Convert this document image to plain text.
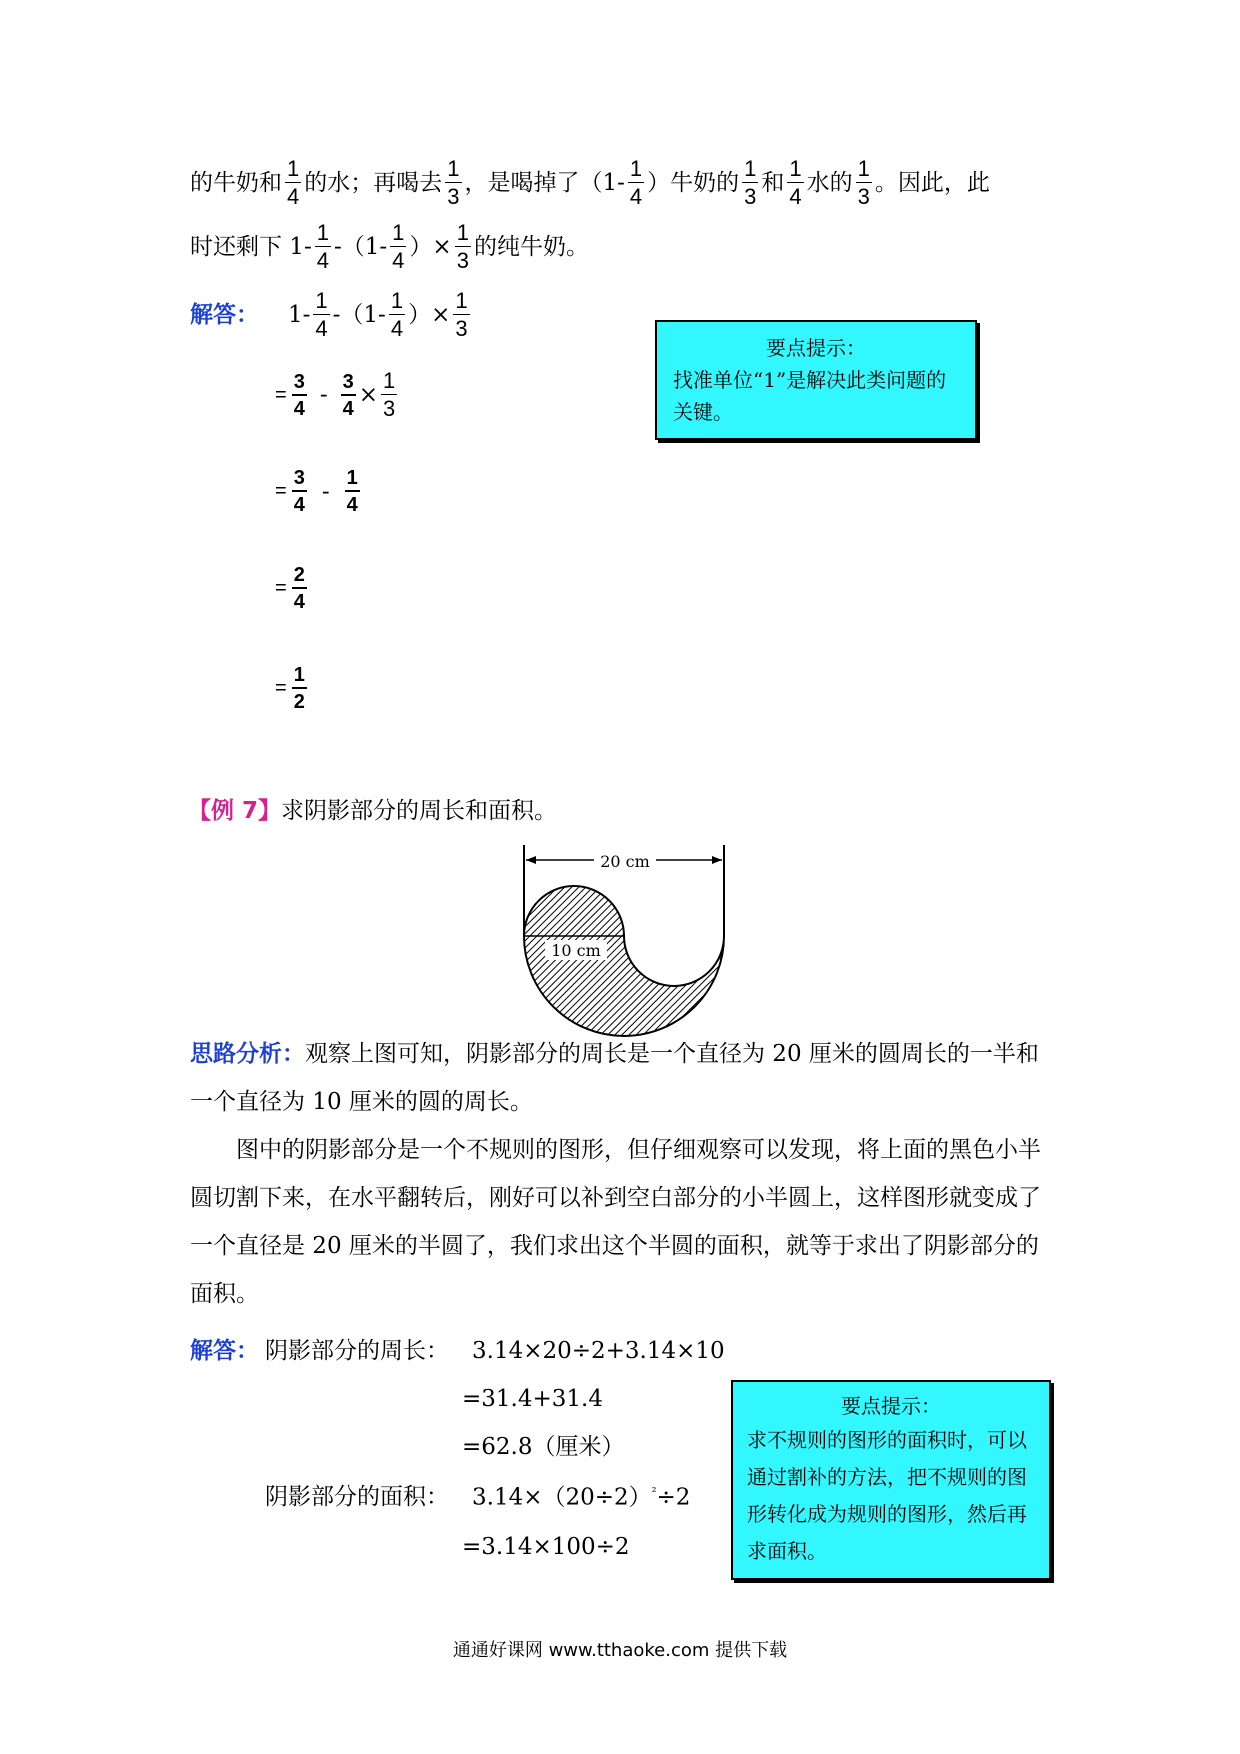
的牛奶和 $\frac{1}{4}$ 的水；再喝去 $\frac{1}{3}$ ，是喝掉了（$1- \frac{1}{4}$ ）牛奶的 $\frac{1}{3}$ 和 $\frac{1}{4}$ 水的 $\frac{1}{3}$ 。因此，此
时还剩下 $1- \frac{1}{4} -(1- \frac{1}{4}$ ）× $\frac{1}{3}$ 的纯牛奶。
解答：	$1- \frac{1}{4} -(1- \frac{1}{4}$ ）× $\frac{1}{3}$
= $\frac{3}{4} - \frac{3}{4} \times \frac{1}{3}$
= $\frac{3}{4} - \frac{1}{4}$
= $\frac{2}{4}$
= $\frac{1}{2}$
要点提示：
找准单位“1”是解决此类问题的关键。
【例 7】 求阴影部分的周长和面积。
20 cm
10 cm
思路分析：观察上图可知，阴影部分的周长是一个直径为 20 厘米的圆周长的一半和一个直径为 10 厘米的圆的周长。
图中的阴影部分是一个不规则的图形，但仔细观察可以发现，将上面的黑色小半圆切割下来，在水平翻转后，刚好可以补到空白部分的小半圆上，这样图形就变成了一个直径是 20 厘米的半圆了，我们求出这个半圆的面积，就等于求出了阴影部分的面积。
解答： 阴影部分的周长： 3.14×20÷2+3.14×10
=31.4+31.4
=62.8（厘米）
阴影部分的面积： $3.14\times(20\div 2)^{^2}\div 2$
=3.14×100÷2
要点提示：
求不规则的图形的面积时，可以通过割补的方法，把不规则的图形转化成为规则的图形，然后再求面积。
通通好课网 www.tthaoke.com 提供下载
